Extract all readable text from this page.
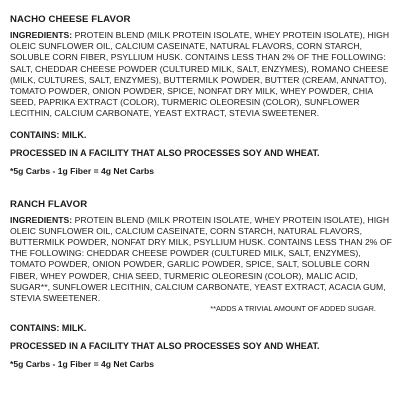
NACHO CHEESE FLAVOR

INGREDIENTS: PROTEIN BLEND (MILK PROTEIN ISOLATE, WHEY PROTEIN ISOLATE), HIGH OLEIC SUNFLOWER OIL, CALCIUM CASEINATE, NATURAL FLAVORS, CORN STARCH, SOLUBLE CORN FIBER, PSYLLIUM HUSK. CONTAINS LESS THAN 2% OF THE FOLLOWING: SALT, CHEDDAR CHEESE POWDER (CULTURED MILK, SALT, ENZYMES), ROMANO CHEESE (MILK, CULTURES, SALT, ENZYMES), BUTTERMILK POWDER, BUTTER (CREAM, ANNATTO), TOMATO POWDER, ONION POWDER, SPICE, NONFAT DRY MILK, WHEY POWDER, CHIA SEED, PAPRIKA EXTRACT (COLOR), TURMERIC OLEORESIN (COLOR), SUNFLOWER LECITHIN, CALCIUM CARBONATE, YEAST EXTRACT, STEVIA SWEETENER.

CONTAINS: MILK.
PROCESSED IN A FACILITY THAT ALSO PROCESSES SOY AND WHEAT.
*5g Carbs - 1g Fiber = 4g Net Carbs
RANCH FLAVOR

INGREDIENTS: PROTEIN BLEND (MILK PROTEIN ISOLATE, WHEY PROTEIN ISOLATE), HIGH OLEIC SUNFLOWER OIL, CALCIUM CASEINATE, CORN STARCH, NATURAL FLAVORS, BUTTERMILK POWDER, NONFAT DRY MILK, PSYLLIUM HUSK. CONTAINS LESS THAN 2% OF THE FOLLOWING: CHEDDAR CHEESE POWDER (CULTURED MILK, SALT, ENZYMES), TOMATO POWDER, ONION POWDER, GARLIC POWDER, SPICE, SALT, SOLUBLE CORN FIBER, WHEY POWDER, CHIA SEED, TURMERIC OLEORESIN (COLOR), MALIC ACID, SUGAR**, SUNFLOWER LECITHIN, CALCIUM CARBONATE, YEAST EXTRACT, ACACIA GUM, STEVIA SWEETENER.

**ADDS A TRIVIAL AMOUNT OF ADDED SUGAR.

CONTAINS: MILK.
PROCESSED IN A FACILITY THAT ALSO PROCESSES SOY AND WHEAT.
*5g Carbs - 1g Fiber = 4g Net Carbs
